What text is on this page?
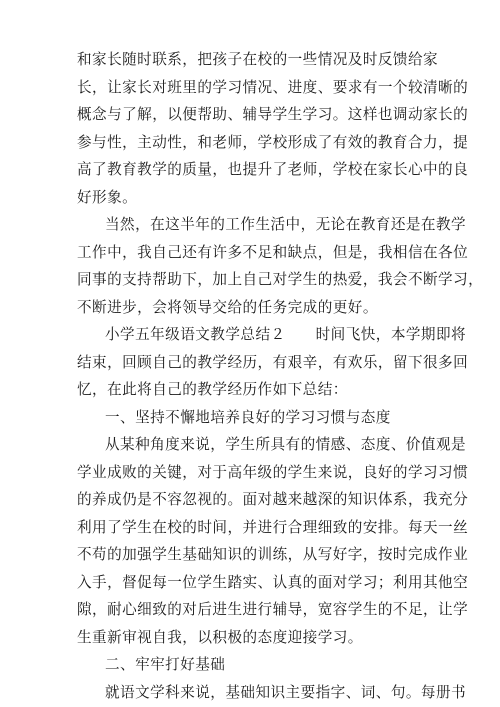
和家长随时联系，把孩子在校的一些情况及时反馈给家
长，让家长对班里的学习情况、进度、要求有一个较清晰的
概念与了解，以便帮助、辅导学生学习。这样也调动家长的
参与性，主动性，和老师，学校形成了有效的教育合力，提
高了教育教学的质量，也提升了老师，学校在家长心中的良
好形象。
当然，在这半年的工作生活中，无论在教育还是在教学
工作中，我自己还有许多不足和缺点，但是，我相信在各位
同事的支持帮助下，加上自己对学生的热爱，我会不断学习，
不断进步，会将领导交给的任务完成的更好。
小学五年级语文教学总结２　　时间飞快，本学期即将
结束，回顾自己的教学经历，有艰辛，有欢乐，留下很多回
忆，在此将自己的教学经历作如下总结：
一、坚持不懈地培养良好的学习习惯与态度
从某种角度来说，学生所具有的情感、态度、价值观是
学业成败的关键，对于高年级的学生来说，良好的学习习惯
的养成仍是不容忽视的。面对越来越深的知识体系，我充分
利用了学生在校的时间，并进行合理细致的安排。每天一丝
不苟的加强学生基础知识的训练，从写好字，按时完成作业
入手，督促每一位学生踏实、认真的面对学习；利用其他空
隙，耐心细致的对后进生进行辅导，宽容学生的不足，让学
生重新审视自我，以积极的态度迎接学习。
二、牢牢打好基础
就语文学科来说，基础知识主要指字、词、句。每册书
